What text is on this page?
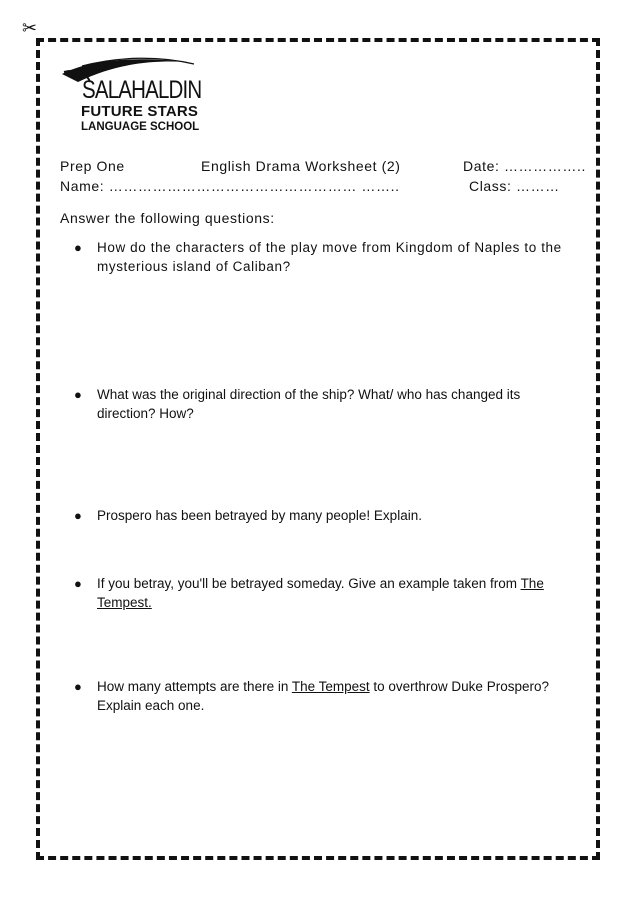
✂
SALAHALDIN
FUTURE STARS
LANGUAGE SCHOOL
Prep One	English Drama Worksheet (2)	Date: ……………..
Name: …………………………………………… ……..	Class: ………
Answer the following questions:
● How do the characters of the play move from Kingdom of Naples to the mysterious island of Caliban?
● What was the original direction of the ship? What/ who has changed its direction? How?
● Prospero has been betrayed by many people! Explain.
● If you betray, you'll be betrayed someday. Give an example taken from The Tempest.
● How many attempts are there in The Tempest to overthrow Duke Prospero? Explain each one.
